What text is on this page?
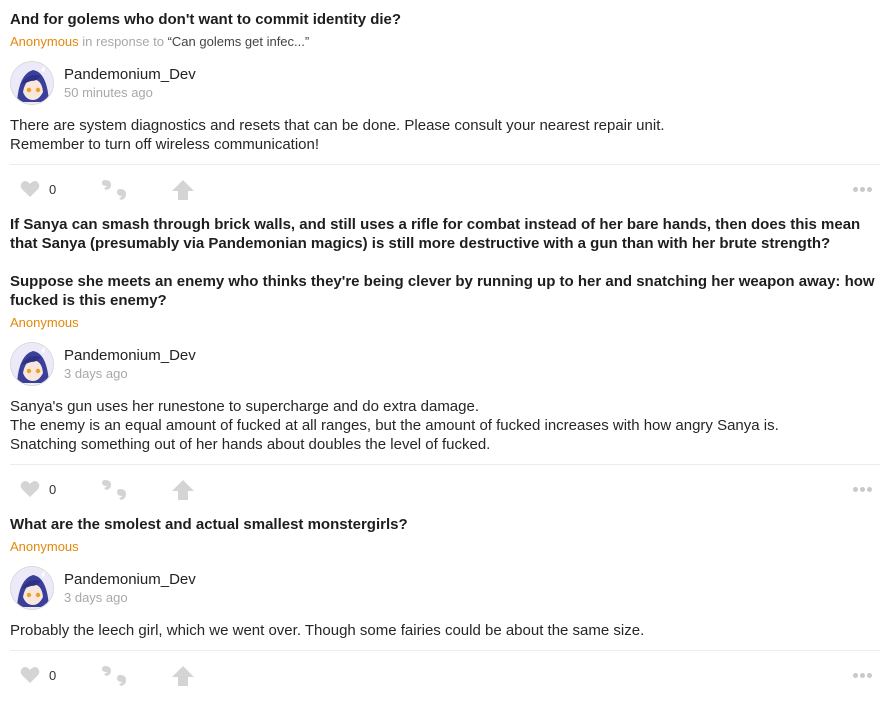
And for golems who don't want to commit identity die?

Anonymous in response to “Can golems get infec...”
Pandemonium_Dev
50 minutes ago

There are system diagnostics and resets that can be done. Please consult your nearest repair unit.

Remember to turn off wireless communication!

0

If Sanya can smash through brick walls, and still uses a rifle for combat instead of her bare hands, then does this mean that Sanya (presumably via Pandemonian magics) is still more destructive with a gun than with her brute strength?

Suppose she meets an enemy who thinks they're being clever by running up to her and snatching her weapon away: how fucked is this enemy?

Anonymous
Pandemonium_Dev
3 days ago

Sanya's gun uses her runestone to supercharge and do extra damage.

The enemy is an equal amount of fucked at all ranges, but the amount of fucked increases with how angry Sanya is.

Snatching something out of her hands about doubles the level of fucked.

0

What are the smolest and actual smallest monstergirls?

Anonymous
Pandemonium_Dev
3 days ago

Probably the leech girl, which we went over. Though some fairies could be about the same size.

0
